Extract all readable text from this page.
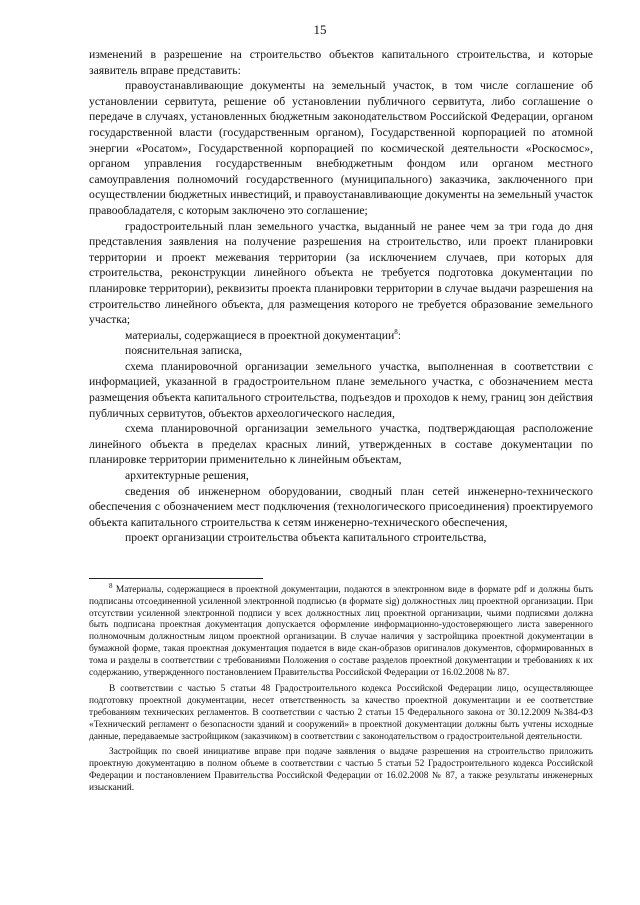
15

изменений в разрешение на строительство объектов капитального строительства, и которые заявитель вправе представить:

правоустанавливающие документы на земельный участок, в том числе соглашение об установлении сервитута, решение об установлении публичного сервитута, либо соглашение о передаче в случаях, установленных бюджетным законодательством Российской Федерации, органом государственной власти (государственным органом), Государственной корпорацией по атомной энергии «Росатом», Государственной корпорацией по космической деятельности «Роскосмос», органом управления государственным внебюджетным фондом или органом местного самоуправления полномочий государственного (муниципального) заказчика, заключенного при осуществлении бюджетных инвестиций, и правоустанавливающие документы на земельный участок правообладателя, с которым заключено это соглашение;

градостроительный план земельного участка, выданный не ранее чем за три года до дня представления заявления на получение разрешения на строительство, или проект планировки территории и проект межевания территории (за исключением случаев, при которых для строительства, реконструкции линейного объекта не требуется подготовка документации по планировке территории), реквизиты проекта планировки территории в случае выдачи разрешения на строительство линейного объекта, для размещения которого не требуется образование земельного участка;

материалы, содержащиеся в проектной документации$^8$:

пояснительная записка,

схема планировочной организации земельного участка, выполненная в соответствии с информацией, указанной в градостроительном плане земельного участка, с обозначением места размещения объекта капитального строительства, подъездов и проходов к нему, границ зон действия публичных сервитутов, объектов археологического наследия,

схема планировочной организации земельного участка, подтверждающая расположение линейного объекта в пределах красных линий, утвержденных в составе документации по планировке территории применительно к линейным объектам,

архитектурные решения,

сведения об инженерном оборудовании, сводный план сетей инженерно-технического обеспечения с обозначением мест подключения (технологического присоединения) проектируемого объекта капитального строительства к сетям инженерно-технического обеспечения,

проект организации строительства объекта капитального строительства,

$^8$ Материалы, содержащиеся в проектной документации, подаются в электронном виде в формате pdf и должны быть подписаны отсоединенной усиленной электронной подписью (в формате sig) должностных лиц проектной организации. При отсутствии усиленной электронной подписи у всех должностных лиц проектной организации, чьими подписями должна быть подписана проектная документация допускается оформление информационно-удостоверяющего листа заверенного полномочным должностным лицом проектной организации. В случае наличия у застройщика проектной документации в бумажной форме, такая проектная документация подается в виде скан-образов оригиналов документов, сформированных в тома и разделы в соответствии с требованиями Положения о составе разделов проектной документации и требованиях к их содержанию, утвержденного постановлением Правительства Российской Федерации от 16.02.2008 № 87.

В соответствии с частью 5 статьи 48 Градостроительного кодекса Российской Федерации лицо, осуществляющее подготовку проектной документации, несет ответственность за качество проектной документации и ее соответствие требованиям технических регламентов. В соответствии с частью 2 статьи 15 Федерального закона от 30.12.2009 №384-ФЗ «Технический регламент о безопасности зданий и сооружений» в проектной документации должны быть учтены исходные данные, передаваемые застройщиком (заказчиком) в соответствии с законодательством о градостроительной деятельности.

Застройщик по своей инициативе вправе при подаче заявления о выдаче разрешения на строительство приложить проектную документацию в полном объеме в соответствии с частью 5 статьи 52 Градостроительного кодекса Российской Федерации и постановлением Правительства Российской Федерации от 16.02.2008 № 87, а также результаты инженерных изысканий.
